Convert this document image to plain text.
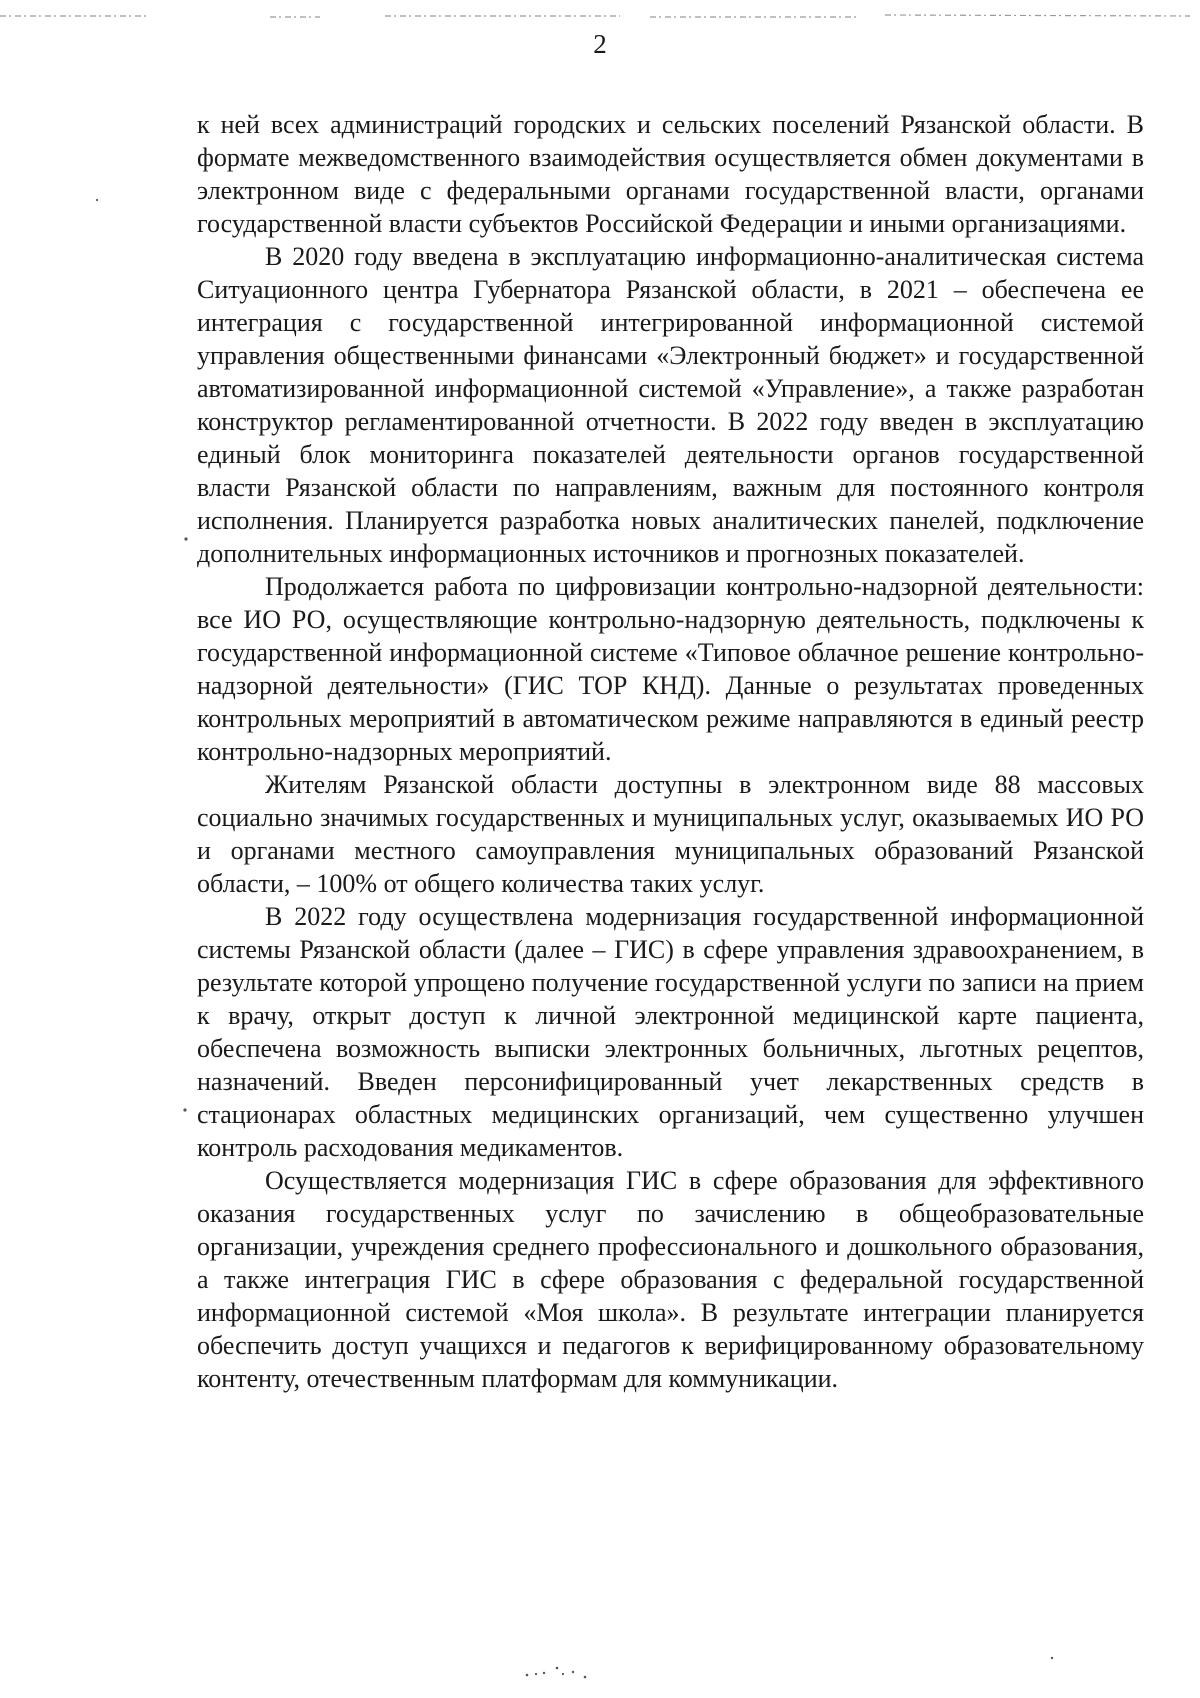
2

к ней всех администраций городских и сельских поселений Рязанской области. В формате межведомственного взаимодействия осуществляется обмен документами в электронном виде с федеральными органами государственной власти, органами государственной власти субъектов Российской Федерации и иными организациями.

В 2020 году введена в эксплуатацию информационно-аналитическая система Ситуационного центра Губернатора Рязанской области, в 2021 – обеспечена ее интеграция с государственной интегрированной информационной системой управления общественными финансами «Электронный бюджет» и государственной автоматизированной информационной системой «Управление», а также разработан конструктор регламентированной отчетности. В 2022 году введен в эксплуатацию единый блок мониторинга показателей деятельности органов государственной власти Рязанской области по направлениям, важным для постоянного контроля исполнения. Планируется разработка новых аналитических панелей, подключение дополнительных информационных источников и прогнозных показателей.

Продолжается работа по цифровизации контрольно-надзорной деятельности: все ИО РО, осуществляющие контрольно-надзорную деятельность, подключены к государственной информационной системе «Типовое облачное решение контрольно-надзорной деятельности» (ГИС ТОР КНД). Данные о результатах проведенных контрольных мероприятий в автоматическом режиме направляются в единый реестр контрольно-надзорных мероприятий.

Жителям Рязанской области доступны в электронном виде 88 массовых социально значимых государственных и муниципальных услуг, оказываемых ИО РО и органами местного самоуправления муниципальных образований Рязанской области, – 100% от общего количества таких услуг.

В 2022 году осуществлена модернизация государственной информационной системы Рязанской области (далее – ГИС) в сфере управления здравоохранением, в результате которой упрощено получение государственной услуги по записи на прием к врачу, открыт доступ к личной электронной медицинской карте пациента, обеспечена возможность выписки электронных больничных, льготных рецептов, назначений. Введен персонифицированный учет лекарственных средств в стационарах областных медицинских организаций, чем существенно улучшен контроль расходования медикаментов.

Осуществляется модернизация ГИС в сфере образования для эффективного оказания государственных услуг по зачислению в общеобразовательные организации, учреждения среднего профессионального и дошкольного образования, а также интеграция ГИС в сфере образования с федеральной государственной информационной системой «Моя школа». В результате интеграции планируется обеспечить доступ учащихся и педагогов к верифицированному образовательному контенту, отечественным платформам для коммуникации.
